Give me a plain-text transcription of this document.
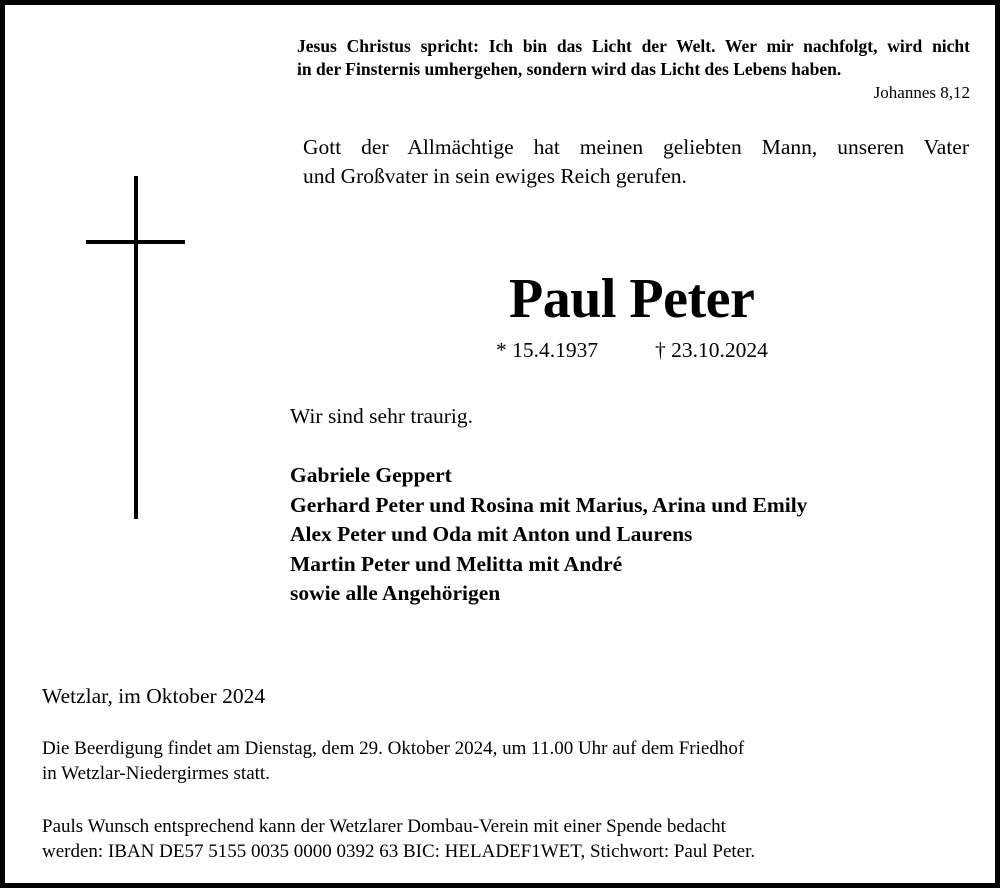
Jesus Christus spricht: Ich bin das Licht der Welt. Wer mir nachfolgt, wird nicht
in der Finsternis umhergehen, sondern wird das Licht des Lebens haben.
Johannes 8,12
Gott der Allmächtige hat meinen geliebten Mann, unseren Vater
und Großvater in sein ewiges Reich gerufen.
Paul Peter
* 15.4.1937	† 23.10.2024
Wir sind sehr traurig.
Gabriele Geppert
Gerhard Peter und Rosina mit Marius, Arina und Emily
Alex Peter und Oda mit Anton und Laurens
Martin Peter und Melitta mit André
sowie alle Angehörigen
Wetzlar, im Oktober 2024
Die Beerdigung findet am Dienstag, dem 29. Oktober 2024, um 11.00 Uhr auf dem Friedhof
in Wetzlar-Niedergirmes statt.
Pauls Wunsch entsprechend kann der Wetzlarer Dombau-Verein mit einer Spende bedacht
werden: IBAN DE57 5155 0035 0000 0392 63 BIC: HELADEF1WET, Stichwort: Paul Peter.
